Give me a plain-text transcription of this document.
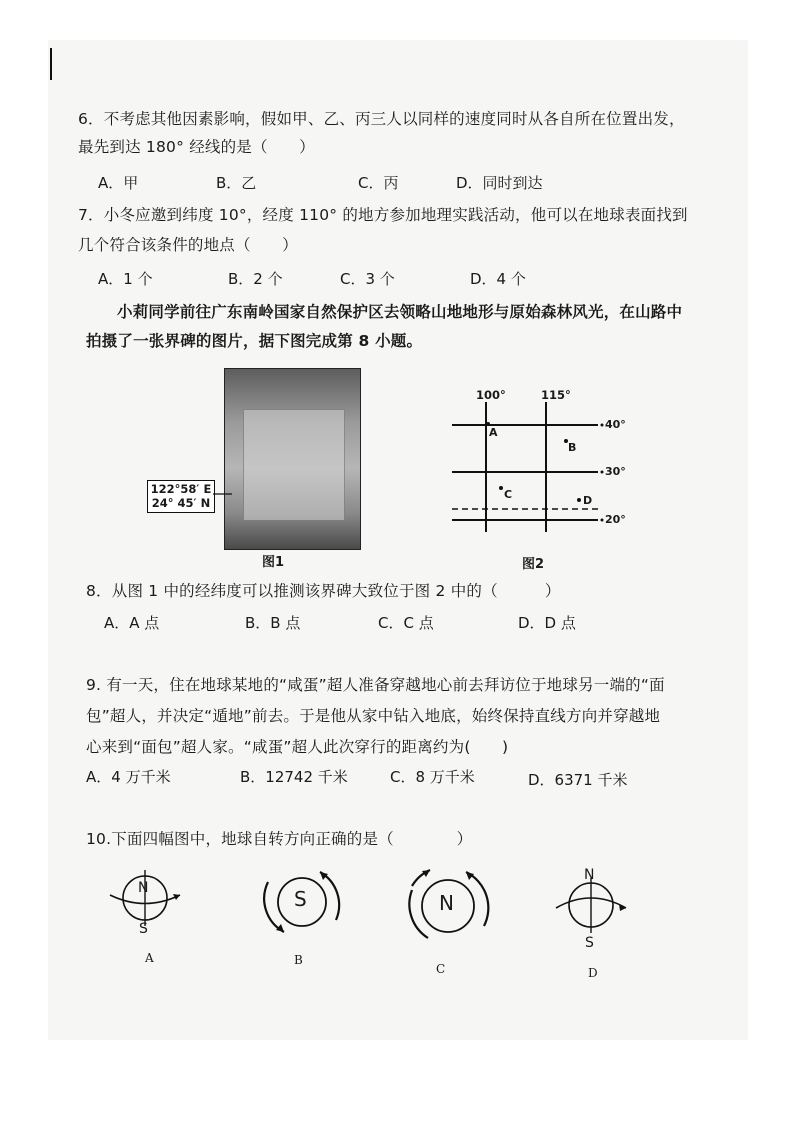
6．不考虑其他因素影响，假如甲、乙、丙三人以同样的速度同时从各自所在位置出发，
最先到达 180° 经线的是（　　）
A．甲	B．乙	C．丙	D．同时到达
7．小冬应邀到纬度 10°，经度 110° 的地方参加地理实践活动，他可以在地球表面找到
几个符合该条件的地点（　　）
A．1 个	B．2 个	C．3 个	D．4 个
小莉同学前往广东南岭国家自然保护区去领略山地地形与原始森林风光，在山路中
拍摄了一张界碑的图片，据下图完成第 8 小题。
122°58′ E
24° 45′ N
图1
100°	115°
40°
30°
20°
A
B
C	D
图2
8．从图 1 中的经纬度可以推测该界碑大致位于图 2 中的（　　　）
A．A 点	B．B 点	C．C 点	D．D 点
9. 有一天，住在地球某地的“咸蛋”超人准备穿越地心前去拜访位于地球另一端的“面
包”超人，并决定“遁地”前去。于是他从家中钻入地底，始终保持直线方向并穿越地
心来到“面包”超人家。“咸蛋”超人此次穿行的距离约为(　　)
A．4 万千米	B．12742 千米	C．8 万千米	D．6371 千米
10.下面四幅图中，地球自转方向正确的是（　　　　）
N
S
A
S
B
N
C
N
S
D
